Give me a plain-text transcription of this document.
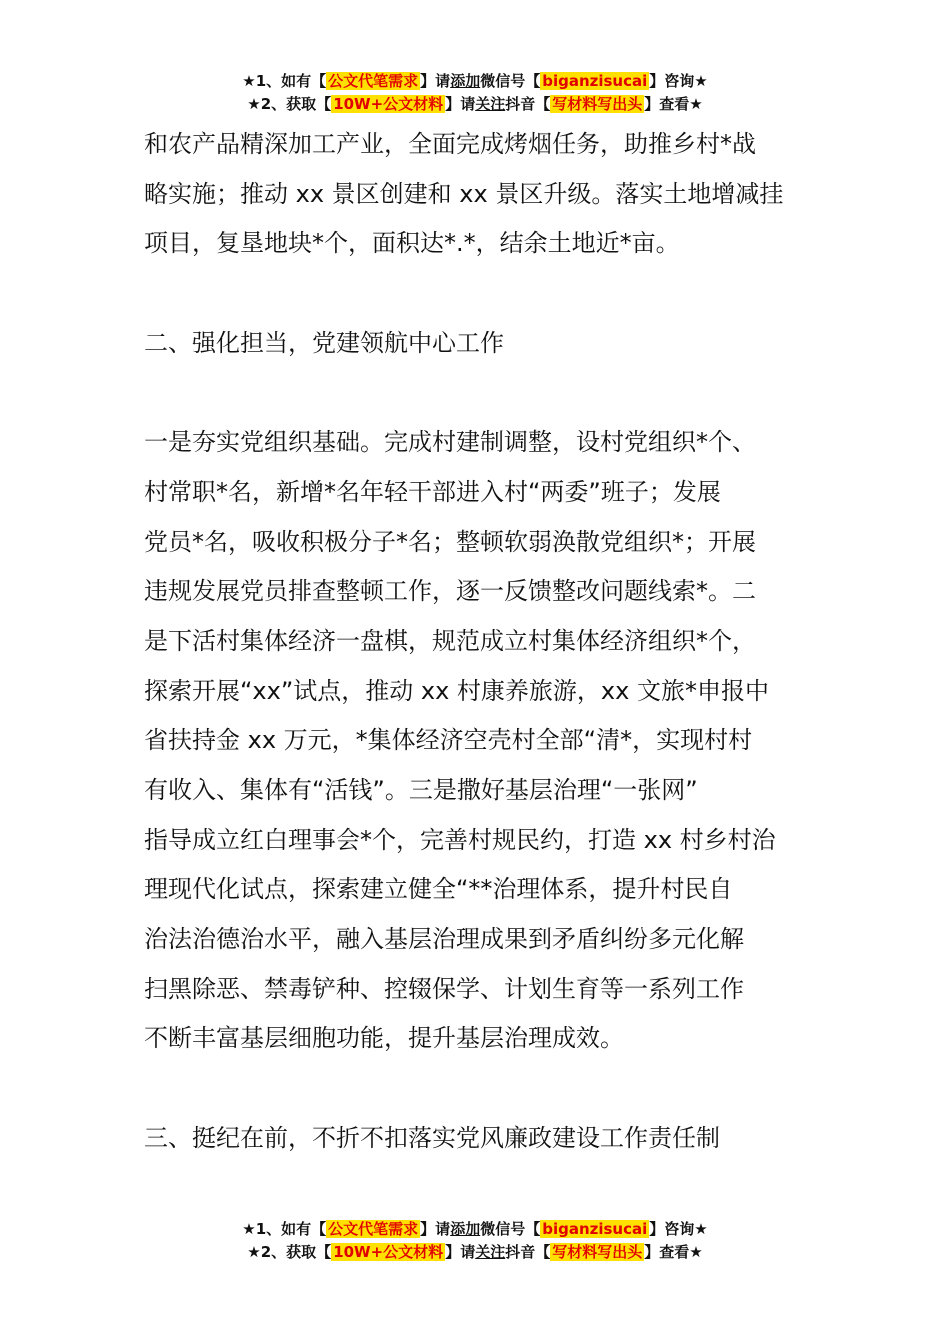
★1、如有【 公文代笔需求 】请添加微信号【 biganzisucai 】咨询★
★2、获取【 10W+公文材料 】请关注抖音【 写材料写出头 】查看★
和农产品精深加工产业，全面完成烤烟任务，助推乡村*战
略实施；推动 xx 景区创建和 xx 景区升级。落实土地增减挂
项目，复垦地块*个，面积达*.*，结余土地近*亩。
二、强化担当，党建领航中心工作
一是夯实党组织基础。完成村建制调整，设村党组织*个、
村常职*名，新增*名年轻干部进入村“两委”班子；发展
党员*名，吸收积极分子*名；整顿软弱涣散党组织*；开展
违规发展党员排查整顿工作，逐一反馈整改问题线索*。二
是下活村集体经济一盘棋，规范成立村集体经济组织*个，
探索开展“xx”试点，推动 xx 村康养旅游，xx 文旅*申报中
省扶持金 xx 万元，*集体经济空壳村全部“清*，实现村村
有收入、集体有“活钱”。三是撒好基层治理“一张网”
指导成立红白理事会*个，完善村规民约，打造 xx 村乡村治
理现代化试点，探索建立健全“**治理体系，提升村民自
治法治德治水平，融入基层治理成果到矛盾纠纷多元化解
扫黑除恶、禁毒铲种、控辍保学、计划生育等一系列工作
不断丰富基层细胞功能，提升基层治理成效。
三、挺纪在前，不折不扣落实党风廉政建设工作责任制
★1、如有【 公文代笔需求 】请添加微信号【 biganzisucai 】咨询★
★2、获取【 10W+公文材料 】请关注抖音【 写材料写出头 】查看★
